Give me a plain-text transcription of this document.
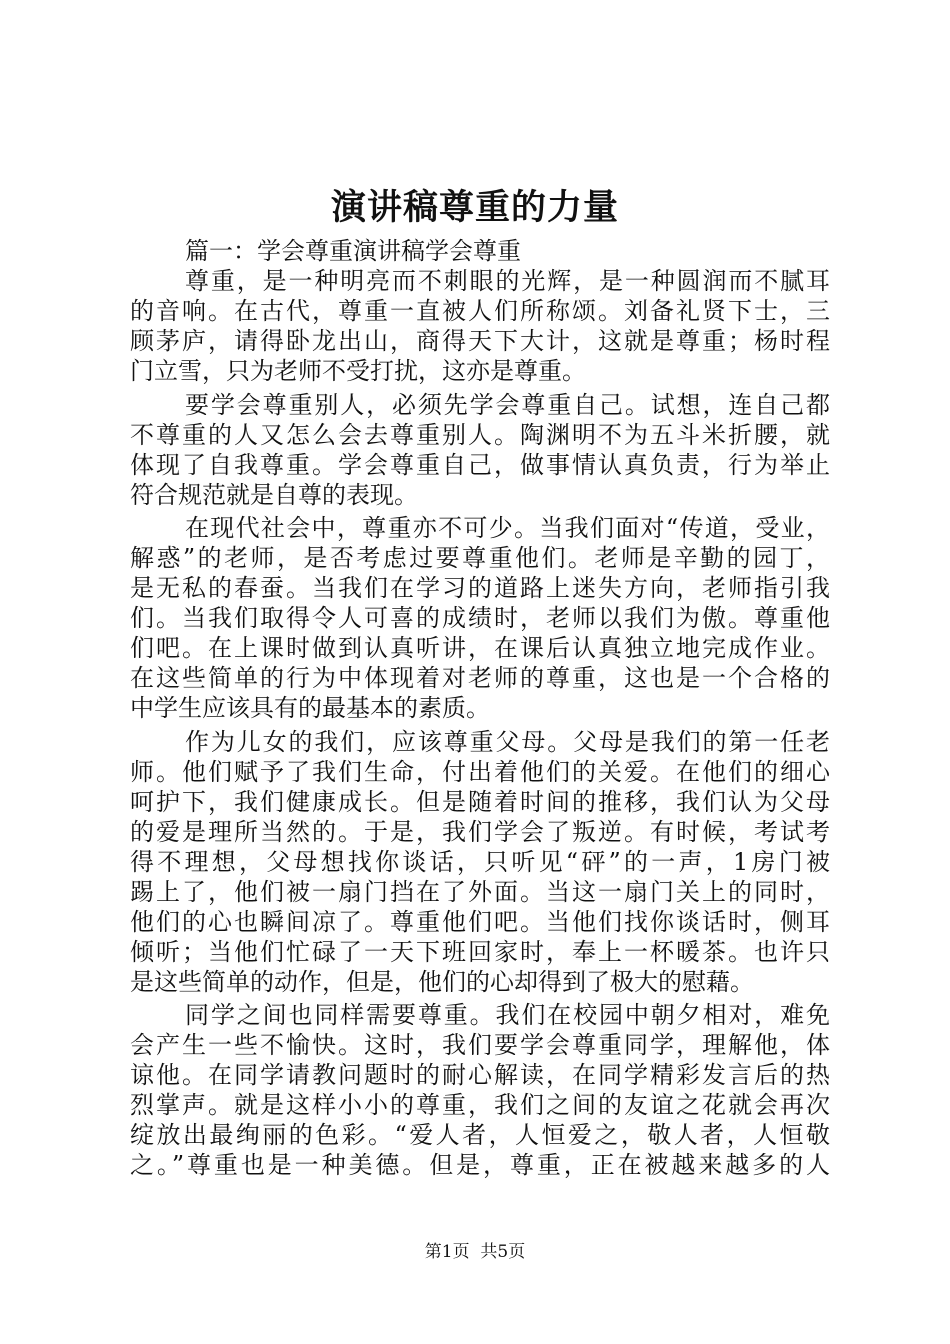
演讲稿尊重的力量

篇一：学会尊重演讲稿学会尊重

尊重，是一种明亮而不刺眼的光辉，是一种圆润而不腻耳

的音响。在古代，尊重一直被人们所称颂。刘备礼贤下士，三

顾茅庐，请得卧龙出山，商得天下大计，这就是尊重；杨时程

门立雪，只为老师不受打扰，这亦是尊重。

要学会尊重别人，必须先学会尊重自己。试想，连自己都

不尊重的人又怎么会去尊重别人。陶渊明不为五斗米折腰，就

体现了自我尊重。学会尊重自己，做事情认真负责，行为举止

符合规范就是自尊的表现。

在现代社会中，尊重亦不可少。当我们面对“传道，受业，

解惑”的老师，是否考虑过要尊重他们。老师是辛勤的园丁，

是无私的春蚕。当我们在学习的道路上迷失方向，老师指引我

们。当我们取得令人可喜的成绩时，老师以我们为傲。尊重他

们吧。在上课时做到认真听讲，在课后认真独立地完成作业。

在这些简单的行为中体现着对老师的尊重，这也是一个合格的

中学生应该具有的最基本的素质。

作为儿女的我们，应该尊重父母。父母是我们的第一任老

师。他们赋予了我们生命，付出着他们的关爱。在他们的细心

呵护下，我们健康成长。但是随着时间的推移，我们认为父母

的爱是理所当然的。于是，我们学会了叛逆。有时候，考试考

得不理想，父母想找你谈话，只听见“砰”的一声，1房门被

踢上了，他们被一扇门挡在了外面。当这一扇门关上的同时，

他们的心也瞬间凉了。尊重他们吧。当他们找你谈话时，侧耳

倾听；当他们忙碌了一天下班回家时，奉上一杯暖茶。也许只

是这些简单的动作，但是，他们的心却得到了极大的慰藉。

同学之间也同样需要尊重。我们在校园中朝夕相对，难免

会产生一些不愉快。这时，我们要学会尊重同学，理解他，体

谅他。在同学请教问题时的耐心解读，在同学精彩发言后的热

烈掌声。就是这样小小的尊重，我们之间的友谊之花就会再次

绽放出最绚丽的色彩。“爱人者，人恒爱之，敬人者，人恒敬

之。”尊重也是一种美德。但是，尊重，正在被越来越多的人

第1页  共5页
